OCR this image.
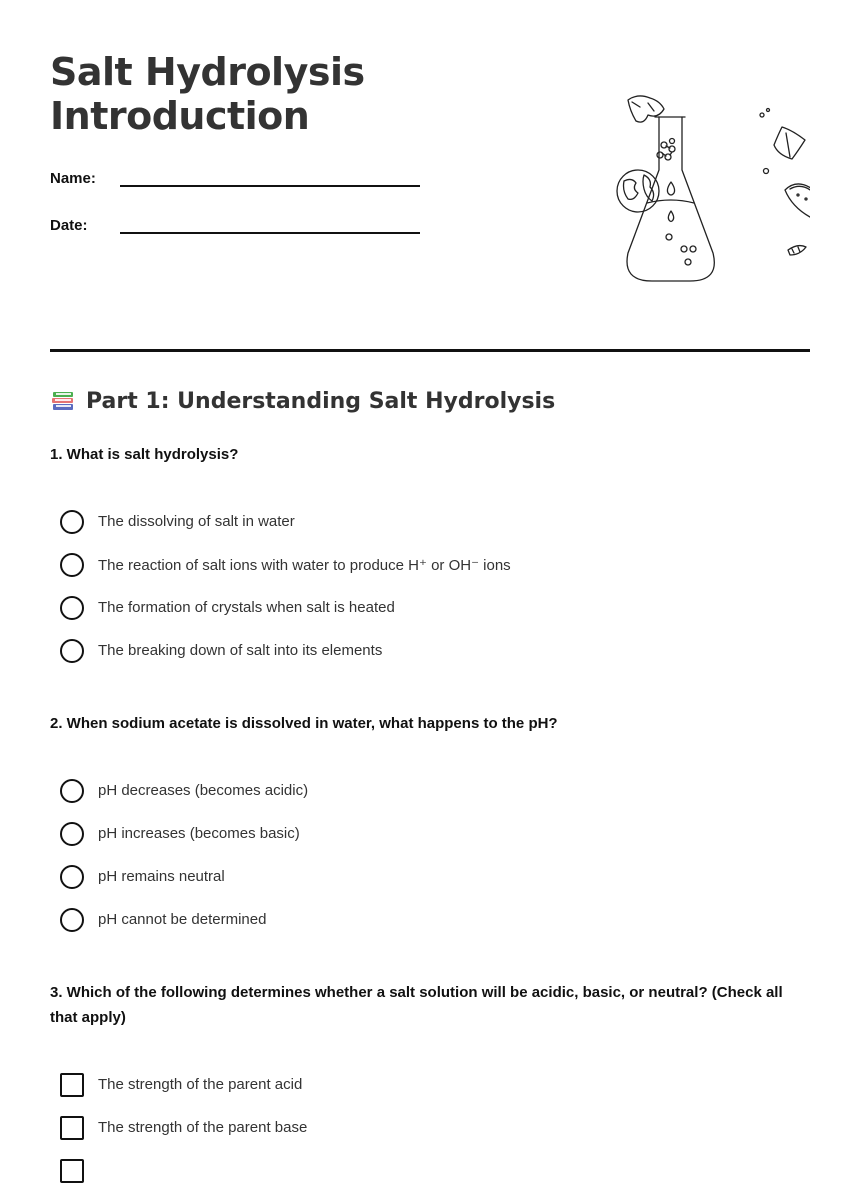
Salt Hydrolysis
Introduction
Name:
Date:
Part 1: Understanding Salt Hydrolysis

1. What is salt hydrolysis?

The dissolving of salt in water
The reaction of salt ions with water to produce H⁺ or OH⁻ ions
The formation of crystals when salt is heated
The breaking down of salt into its elements

2. When sodium acetate is dissolved in water, what happens to the pH?

pH decreases (becomes acidic)
pH increases (becomes basic)
pH remains neutral
pH cannot be determined

3. Which of the following determines whether a salt solution will be acidic, basic, or neutral? (Check all that apply)

The strength of the parent acid
The strength of the parent base
